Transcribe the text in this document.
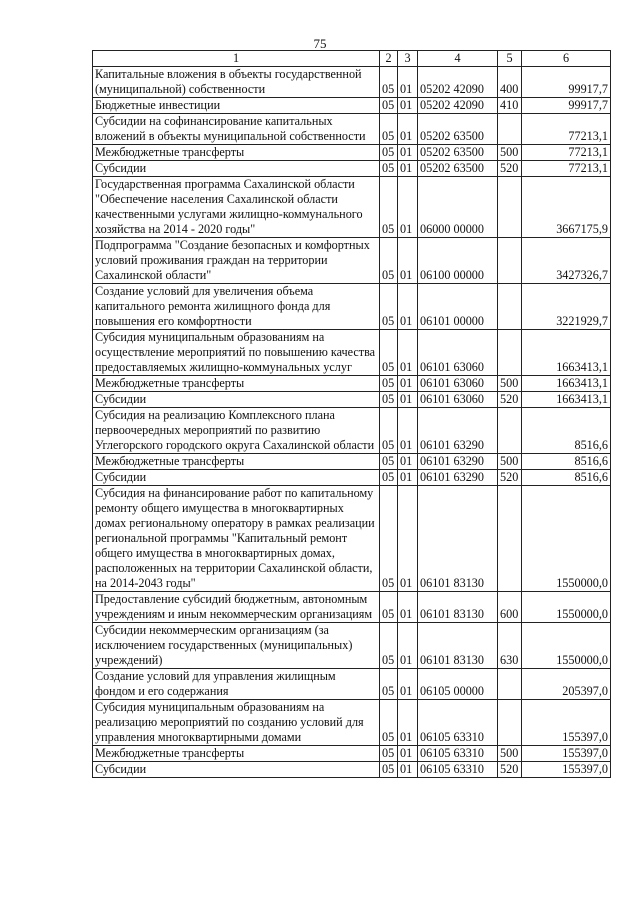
75
1	2	3	4	5	6
Капитальные вложения в объекты государственной (муниципальной) собственности	05	01	05202 42090	400	99917,7
Бюджетные инвестиции	05	01	05202 42090	410	99917,7
Субсидии на софинансирование капитальных вложений в объекты муниципальной собственности	05	01	05202 63500		77213,1
Межбюджетные трансферты	05	01	05202 63500	500	77213,1
Субсидии	05	01	05202 63500	520	77213,1
Государственная программа Сахалинской области "Обеспечение населения Сахалинской области качественными услугами жилищно-коммунального хозяйства на 2014 - 2020 годы"	05	01	06000 00000		3667175,9
Подпрограмма "Создание безопасных и комфортных условий проживания граждан на территории Сахалинской области"	05	01	06100 00000		3427326,7
Создание условий для увеличения объема капитального ремонта жилищного фонда для повышения его комфортности	05	01	06101 00000		3221929,7
Субсидия муниципальным образованиям на осуществление мероприятий по повышению качества предоставляемых жилищно-коммунальных услуг	05	01	06101 63060		1663413,1
Межбюджетные трансферты	05	01	06101 63060	500	1663413,1
Субсидии	05	01	06101 63060	520	1663413,1
Субсидия на реализацию Комплексного плана первоочередных мероприятий по развитию Углегорского городского округа Сахалинской области	05	01	06101 63290		8516,6
Межбюджетные трансферты	05	01	06101 63290	500	8516,6
Субсидии	05	01	06101 63290	520	8516,6
Субсидия на финансирование работ по капитальному ремонту общего имущества в многоквартирных домах региональному оператору в рамках реализации региональной программы "Капитальный ремонт общего имущества в многоквартирных домах, расположенных на территории Сахалинской области, на 2014-2043 годы"	05	01	06101 83130		1550000,0
Предоставление субсидий бюджетным, автономным учреждениям и иным некоммерческим организациям	05	01	06101 83130	600	1550000,0
Субсидии некоммерческим организациям (за исключением государственных (муниципальных) учреждений)	05	01	06101 83130	630	1550000,0
Создание условий для управления жилищным фондом и его содержания	05	01	06105 00000		205397,0
Субсидия муниципальным образованиям на реализацию мероприятий по созданию условий для управления многоквартирными домами	05	01	06105 63310		155397,0
Межбюджетные трансферты	05	01	06105 63310	500	155397,0
Субсидии	05	01	06105 63310	520	155397,0
